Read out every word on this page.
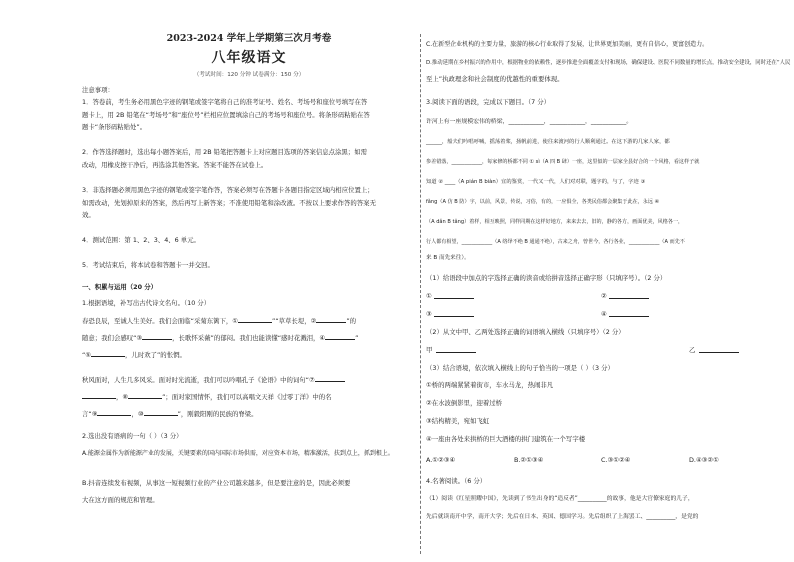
2023-2024 学年上学期第三次月考卷
八年级语文
（考试时间：120 分钟 试卷满分：150 分）
注意事项：
1．答卷前，考生务必用黑色字迹的钢笔或签字笔将自己的准考证号、姓名、考场号和座位号填写在答
题卡上，用 2B 铅笔在“考场号”和“座位号”栏相应位置填涂自己的考场号和座位号。将条形码粘贴在答
题卡“条形码粘贴处”。
2．作答选择题时，选出每小题答案后，用 2B 铅笔把答题卡上对应题目选项的答案信息点涂黑；如需
改动，用橡皮擦干净后，再选涂其他答案。答案不能答在试卷上。
3．非选择题必须用黑色字迹的钢笔或签字笔作答，答案必须写在答题卡各题目指定区域内相应位置上；
如需改动，先划掉原来的答案，然后再写上新答案；不准使用铅笔和涂改液。不按以上要求作答的答案无
效。
4．测试范围：第 1、2、3、4、6 单元。
5．考试结束后，将本试卷和答题卡一并交回。
一、积累与运用（20 分）
1.根据语境，补写出古代诗文名句。（10 分）
春恐良辰，至诚人生美好。我们会面临“采菊东篱下，①	”“草草长堤，②	”的
随意；我们会感叹“③	，长歌怀采薇”的郁闷。我们也能读懂“感时花溅泪，④	”
“⑤	，儿时欢了”的怅惘。
秋风面对，人生几多风采。面对时光流逝，我们可以吟唱孔子《论语》中的词句“⑦
，⑧	”；面对家国情怀，我们可以高唱文天祥《过零丁洋》中的名
言“⑨	，⑩	”，刚毅阳刚的民族的脊梁。
2.选出没有语病的一句（ ）（3 分）
A.能源金属作为新能源产业的发展，关键要素的国内国际市场供需，对应资本市场，精准激活，扶到点上，抓到根上。
B.抖音连续发布视频，从事这一短视频行业的产业公司越来越多，但是要注意的是，因此必须要
大在这方面的规范和管理。
C.在新型企业机构的主要力量，旅游的核心行业取得了发展，让世界更加美丽，更有自信心，更富创造力。
D.推动延期在乡村振兴的作用中，根据物业的依赖性，逐步推进全面覆盖支付和现场，确保建设、医院不同数量的增长点，推动安全建设，同时还在“人民
至上”执政理念和社会制度的优越性的重要体现。
3.阅读下面的语段，完成以下题目。（7 分）
许河上有一座规模宏伟的桥梁，____________，____________，____________。
______，船夫们吟唱呼喊，摇荡着桨，扬帆前进，使往来渡河的行人顺利通过。在这下游的几家人家，都
参差错落，____________，每家修的桥都不同 ① sì（A 四 B 肆）一座，这里似的一层家全县好合的一个风格，看这样子就
知道 ② ____（A pián B biàn）宜的鉴赏，一代又一代，人们对对联，题字的，与了，字迹 ③
fǎng（A 仿 B 防）字，以前，风景，传说，习俗，有的，一应俱全，各类民俗都会聚集于此在，永远 ④
（A dǎn B tǎng）着样，相互映照，同样同期在这样好地方，来来去去，旧的，静的各方，画面优美，风格各一，
行人都有相望，____________（A 络绎不绝 B 通通不绝），古来之舟，曾世今，各行各业，____________（A 而先不
来 B 而先来往）。
（1）给语段中加点的字选择正确的读音或给拼音选择正确字形（只填序号）。（2 分）
①	②
③	④
（2）从文中甲、乙两处选择正确的词语填入横线（只填序号）（2 分）
甲	乙
（3）结合语境，依次填入横线上的句子恰当的一项是（ ）（3 分）
①桥的两端紧紧着街市，车水马龙，热闹非凡
②在水波倒影里，迎着过桥
③结构精美，宛如飞虹
④一座由各处来拱桥的巨大酒楼的拱门建筑在一个写字楼
A.①②③④	B.②①③④	C.③①②④	D.④③②①
4.名著阅读。（6 分）
（1）阅读《红星照耀中国》，先读到了书生出身的“造反者”__________的故事，他是大官僚家庭的儿子，
先后就读南开中学，南开大学；先后在日本、英国、德国学习。先后组织了上海罢工、__________，是党的
